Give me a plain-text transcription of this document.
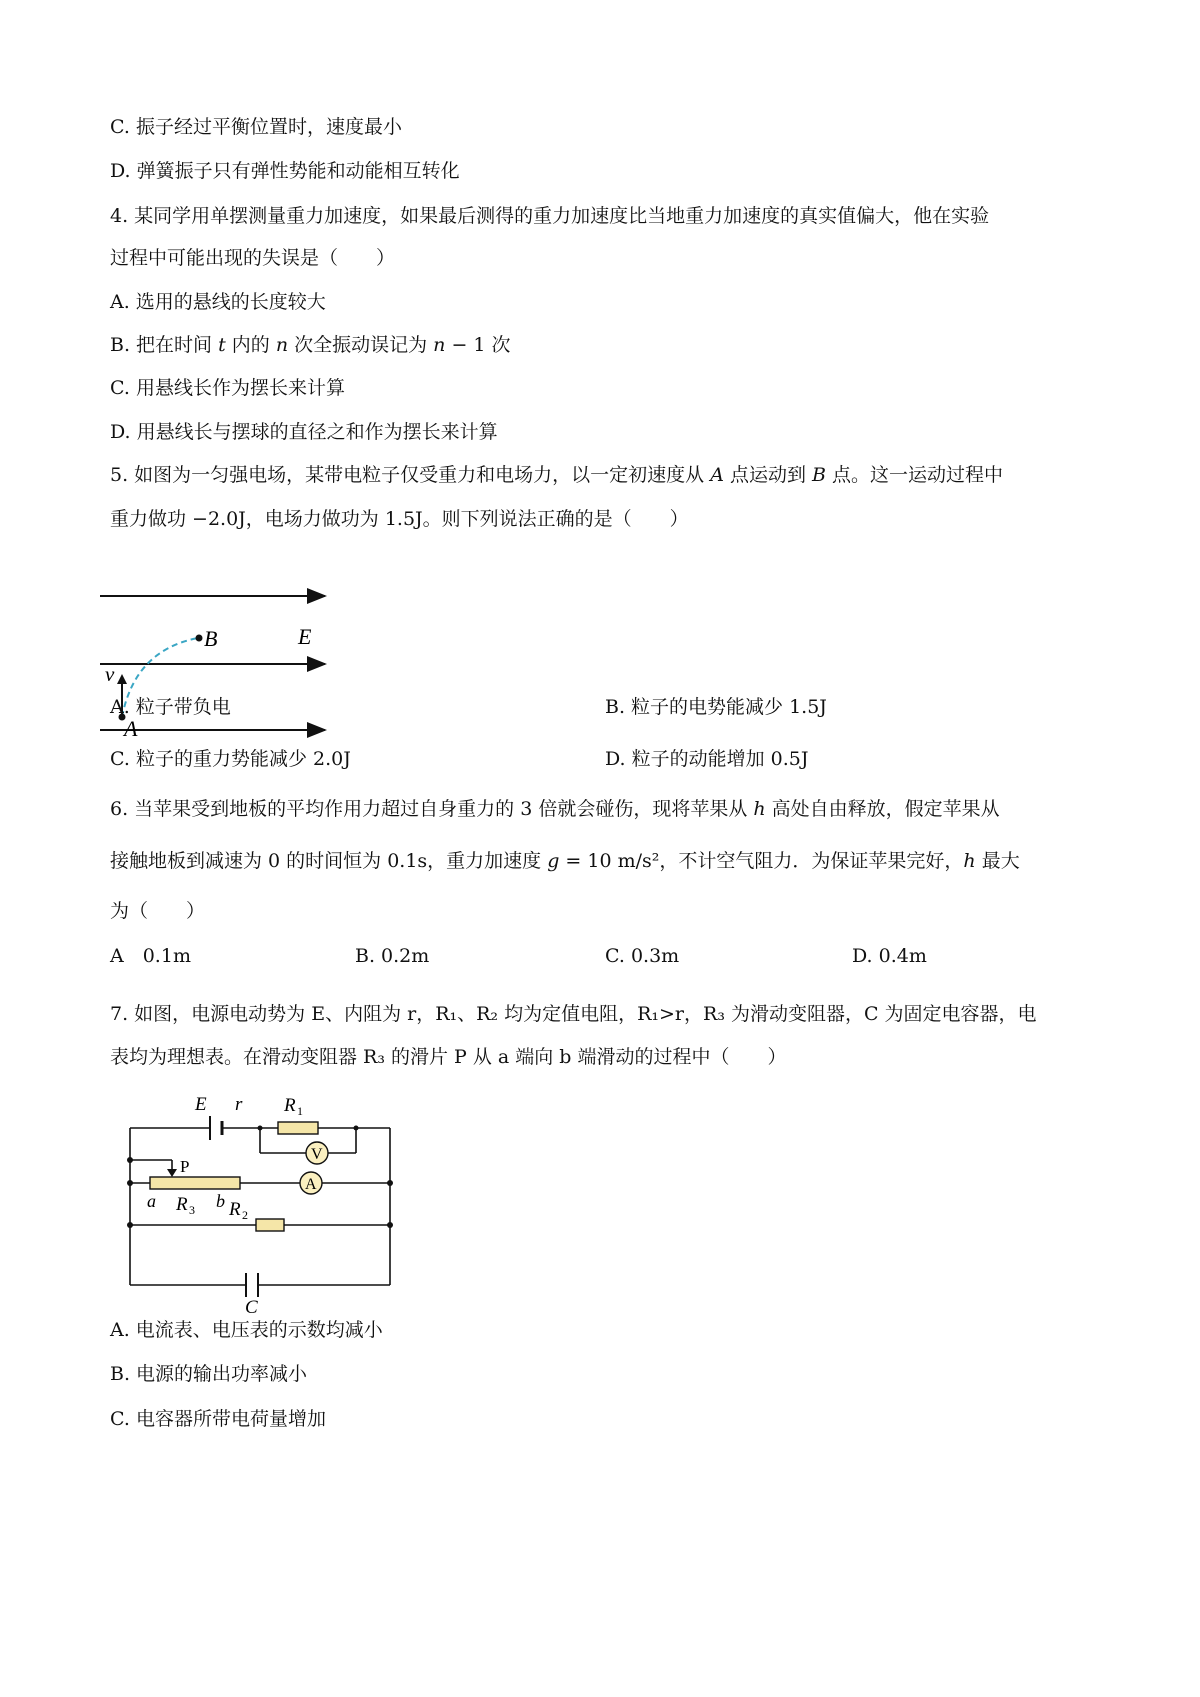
C. 振子经过平衡位置时，速度最小
D. 弹簧振子只有弹性势能和动能相互转化
4. 某同学用单摆测量重力加速度，如果最后测得的重力加速度比当地重力加速度的真实值偏大，他在实验
过程中可能出现的失误是（　　）
A. 选用的悬线的长度较大
B. 把在时间 t 内的 n 次全振动误记为 n − 1 次
C. 用悬线长作为摆长来计算
D. 用悬线长与摆球的直径之和作为摆长来计算
5. 如图为一匀强电场，某带电粒子仅受重力和电场力，以一定初速度从 A 点运动到 B 点。这一运动过程中
重力做功 −2.0J，电场力做功为 1.5J。则下列说法正确的是（　　）
B	E
v
A
A. 粒子带负电	B. 粒子的电势能减少 1.5J
C. 粒子的重力势能减少 2.0J	D. 粒子的动能增加 0.5J
6. 当苹果受到地板的平均作用力超过自身重力的 3 倍就会碰伤，现将苹果从 h 高处自由释放，假定苹果从
接触地板到减速为 0 的时间恒为 0.1s，重力加速度 g = 10 m/s²，不计空气阻力．为保证苹果完好，h 最大
为（　　）
A　0.1m	B. 0.2m	C. 0.3m	D. 0.4m
7. 如图，电源电动势为 E、内阻为 r，R₁、R₂ 均为定值电阻，R₁>r，R₃ 为滑动变阻器，C 为固定电容器，电
表均为理想表。在滑动变阻器 R₃ 的滑片 P 从 a 端向 b 端滑动的过程中（　　）
E r R 1
V
P
A
a R 3 b R 2
C
A. 电流表、电压表的示数均减小
B. 电源的输出功率减小
C. 电容器所带电荷量增加
